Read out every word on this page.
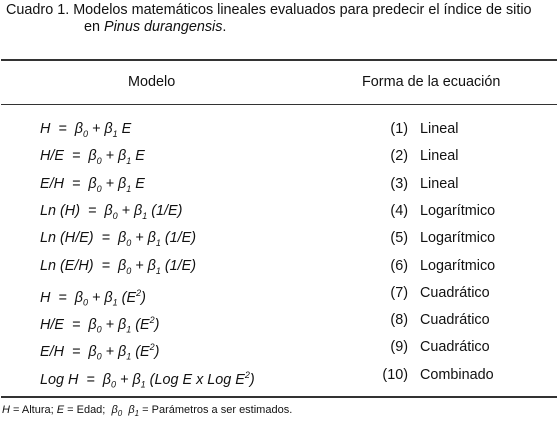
Cuadro 1. Modelos matemáticos lineales evaluados para predecir el índice de sitio
en Pinus durangensis.
Modelo	Forma de la ecuación
$H = \beta_0 + \beta_1$ E	(1) Lineal
$H/E = \beta_0 + \beta_1$ E	(2) Lineal
$E/H = \beta_0 + \beta_1$ E	(3) Lineal
Ln $(H) = \beta_0 + \beta_1$ (1/E)	(4) Logarítmico
Ln $(H/E) = \beta_0 + \beta_1$ (1/E)	(5) Logarítmico
Ln $(E/H) = \beta_0 + \beta_1$ (1/E)	(6) Logarítmico
$H = \beta_0 + \beta_1$ $(E^2)$	(7) Cuadrático
$H/E = \beta_0 + \beta_1$ $(E^2)$	(8) Cuadrático
$E/H = \beta_0 + \beta_1$ $(E^2)$	(9) Cuadrático
Log $H = \beta_0 + \beta_1$ (Log E x Log $E^2$)	(10) Combinado
H = Altura; E = Edad;  $\beta_0$ $\beta_1$ = Parámetros a ser estimados.
